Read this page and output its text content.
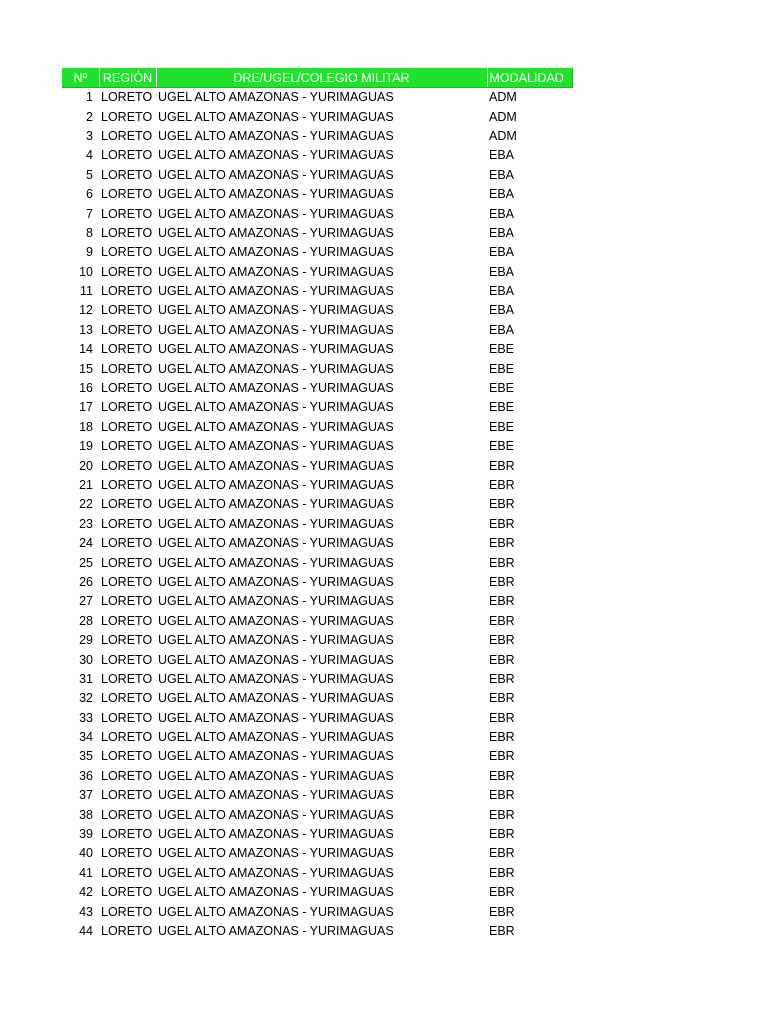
Nº	REGIÓN	DRE/UGEL/COLEGIO MILITAR	MODALIDAD
1	LORETO	UGEL ALTO AMAZONAS - YURIMAGUAS	ADM
2	LORETO	UGEL ALTO AMAZONAS - YURIMAGUAS	ADM
3	LORETO	UGEL ALTO AMAZONAS - YURIMAGUAS	ADM
4	LORETO	UGEL ALTO AMAZONAS - YURIMAGUAS	EBA
5	LORETO	UGEL ALTO AMAZONAS - YURIMAGUAS	EBA
6	LORETO	UGEL ALTO AMAZONAS - YURIMAGUAS	EBA
7	LORETO	UGEL ALTO AMAZONAS - YURIMAGUAS	EBA
8	LORETO	UGEL ALTO AMAZONAS - YURIMAGUAS	EBA
9	LORETO	UGEL ALTO AMAZONAS - YURIMAGUAS	EBA
10	LORETO	UGEL ALTO AMAZONAS - YURIMAGUAS	EBA
11	LORETO	UGEL ALTO AMAZONAS - YURIMAGUAS	EBA
12	LORETO	UGEL ALTO AMAZONAS - YURIMAGUAS	EBA
13	LORETO	UGEL ALTO AMAZONAS - YURIMAGUAS	EBA
14	LORETO	UGEL ALTO AMAZONAS - YURIMAGUAS	EBE
15	LORETO	UGEL ALTO AMAZONAS - YURIMAGUAS	EBE
16	LORETO	UGEL ALTO AMAZONAS - YURIMAGUAS	EBE
17	LORETO	UGEL ALTO AMAZONAS - YURIMAGUAS	EBE
18	LORETO	UGEL ALTO AMAZONAS - YURIMAGUAS	EBE
19	LORETO	UGEL ALTO AMAZONAS - YURIMAGUAS	EBE
20	LORETO	UGEL ALTO AMAZONAS - YURIMAGUAS	EBR
21	LORETO	UGEL ALTO AMAZONAS - YURIMAGUAS	EBR
22	LORETO	UGEL ALTO AMAZONAS - YURIMAGUAS	EBR
23	LORETO	UGEL ALTO AMAZONAS - YURIMAGUAS	EBR
24	LORETO	UGEL ALTO AMAZONAS - YURIMAGUAS	EBR
25	LORETO	UGEL ALTO AMAZONAS - YURIMAGUAS	EBR
26	LORETO	UGEL ALTO AMAZONAS - YURIMAGUAS	EBR
27	LORETO	UGEL ALTO AMAZONAS - YURIMAGUAS	EBR
28	LORETO	UGEL ALTO AMAZONAS - YURIMAGUAS	EBR
29	LORETO	UGEL ALTO AMAZONAS - YURIMAGUAS	EBR
30	LORETO	UGEL ALTO AMAZONAS - YURIMAGUAS	EBR
31	LORETO	UGEL ALTO AMAZONAS - YURIMAGUAS	EBR
32	LORETO	UGEL ALTO AMAZONAS - YURIMAGUAS	EBR
33	LORETO	UGEL ALTO AMAZONAS - YURIMAGUAS	EBR
34	LORETO	UGEL ALTO AMAZONAS - YURIMAGUAS	EBR
35	LORETO	UGEL ALTO AMAZONAS - YURIMAGUAS	EBR
36	LORETO	UGEL ALTO AMAZONAS - YURIMAGUAS	EBR
37	LORETO	UGEL ALTO AMAZONAS - YURIMAGUAS	EBR
38	LORETO	UGEL ALTO AMAZONAS - YURIMAGUAS	EBR
39	LORETO	UGEL ALTO AMAZONAS - YURIMAGUAS	EBR
40	LORETO	UGEL ALTO AMAZONAS - YURIMAGUAS	EBR
41	LORETO	UGEL ALTO AMAZONAS - YURIMAGUAS	EBR
42	LORETO	UGEL ALTO AMAZONAS - YURIMAGUAS	EBR
43	LORETO	UGEL ALTO AMAZONAS - YURIMAGUAS	EBR
44	LORETO	UGEL ALTO AMAZONAS - YURIMAGUAS	EBR
